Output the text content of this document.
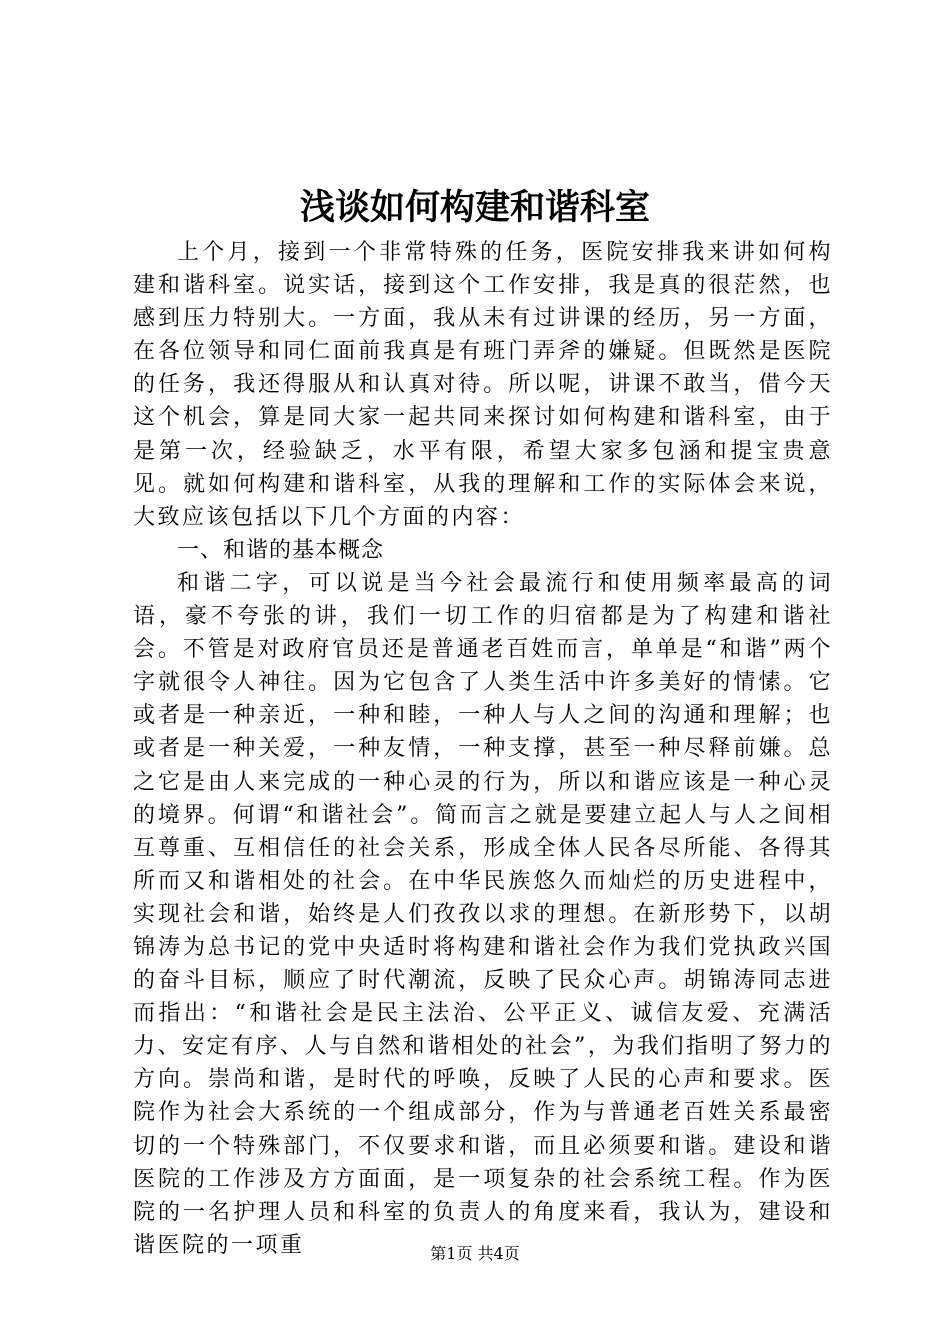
浅谈如何构建和谐科室

上个月，接到一个非常特殊的任务，医院安排我来讲如何构建和谐科室。说实话，接到这个工作安排，我是真的很茫然，也感到压力特别大。一方面，我从未有过讲课的经历，另一方面，在各位领导和同仁面前我真是有班门弄斧的嫌疑。但既然是医院的任务，我还得服从和认真对待。所以呢，讲课不敢当，借今天这个机会，算是同大家一起共同来探讨如何构建和谐科室，由于是第一次，经验缺乏，水平有限，希望大家多包涵和提宝贵意见。就如何构建和谐科室，从我的理解和工作的实际体会来说，大致应该包括以下几个方面的内容：

一、和谐的基本概念

和谐二字，可以说是当今社会最流行和使用频率最高的词语，豪不夸张的讲，我们一切工作的归宿都是为了构建和谐社会。不管是对政府官员还是普通老百姓而言，单单是“和谐”两个字就很令人神往。因为它包含了人类生活中许多美好的情愫。它或者是一种亲近，一种和睦，一种人与人之间的沟通和理解；也或者是一种关爱，一种友情，一种支撑，甚至一种尽释前嫌。总之它是由人来完成的一种心灵的行为，所以和谐应该是一种心灵的境界。何谓“和谐社会”。简而言之就是要建立起人与人之间相互尊重、互相信任的社会关系，形成全体人民各尽所能、各得其所而又和谐相处的社会。在中华民族悠久而灿烂的历史进程中，实现社会和谐，始终是人们孜孜以求的理想。在新形势下，以胡锦涛为总书记的党中央适时将构建和谐社会作为我们党执政兴国的奋斗目标，顺应了时代潮流，反映了民众心声。胡锦涛同志进而指出：“和谐社会是民主法治、公平正义、诚信友爱、充满活力、安定有序、人与自然和谐相处的社会”，为我们指明了努力的方向。崇尚和谐，是时代的呼唤，反映了人民的心声和要求。医院作为社会大系统的一个组成部分，作为与普通老百姓关系最密切的一个特殊部门，不仅要求和谐，而且必须要和谐。建设和谐医院的工作涉及方方面面，是一项复杂的社会系统工程。作为医院的一名护理人员和科室的负责人的角度来看，我认为，建设和谐医院的一项重	第1页 共4页
